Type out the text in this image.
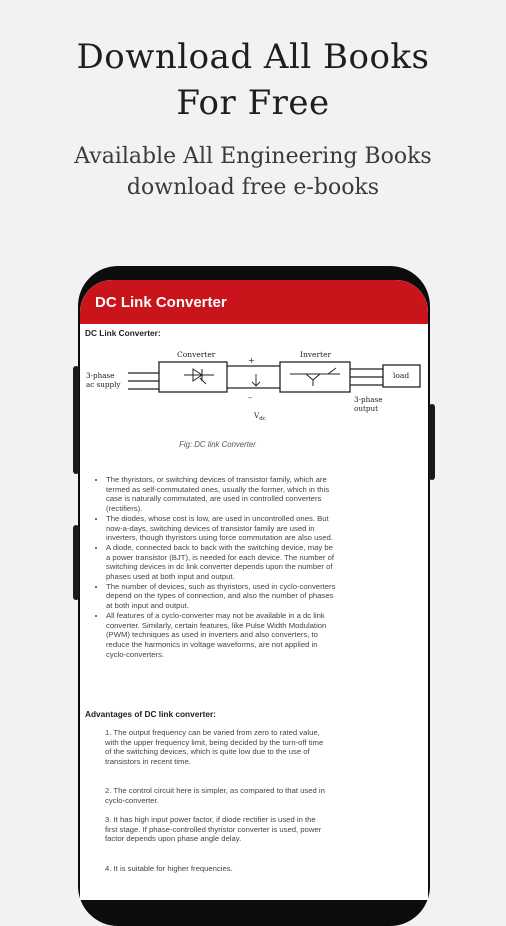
Download All Books
For Free
Available All Engineering Books
download free e-books
DC Link Converter
DC Link Converter:
3-phase
ac supply
Converter
+
–
$V_{dc}$
Inverter
3-phase
output
load
Fig: DC link Converter
• The thyristors, or switching devices of transistor family, which are termed as self-commutated ones, usually the former, which in this case is naturally commutated, are used in controlled converters (rectifiers).
• The diodes, whose cost is low, are used in uncontrolled ones. But now-a-days, switching devices of transistor family are used in inverters, though thyristors using force commutation are also used.
• A diode, connected back to back with the switching device, may be a power transistor (BJT), is needed for each device. The number of switching devices in dc link converter depends upon the number of phases used at both input and output.
• The number of devices, such as thyristors, used in cyclo-converters depend on the types of connection, and also the number of phases at both input and output.
• All features of a cyclo-converter may not be available in a dc link converter. Similarly, certain features, like Pulse Width Modulation (PWM) techniques as used in inverters and also converters, to reduce the harmonics in voltage waveforms, are not applied in cyclo-converters.
Advantages of DC link converter:
1. The output frequency can be varied from zero to rated value, with the upper frequency limit, being decided by the turn-off time of the switching devices, which is quite low due to the use of transistors in recent time.
2. The control circuit here is simpler, as compared to that used in cyclo-converter.
3. It has high input power factor, if diode rectifier is used in the first stage. If phase-controlled thyristor converter is used, power factor depends upon phase angle delay.
4. It is suitable for higher frequencies.
